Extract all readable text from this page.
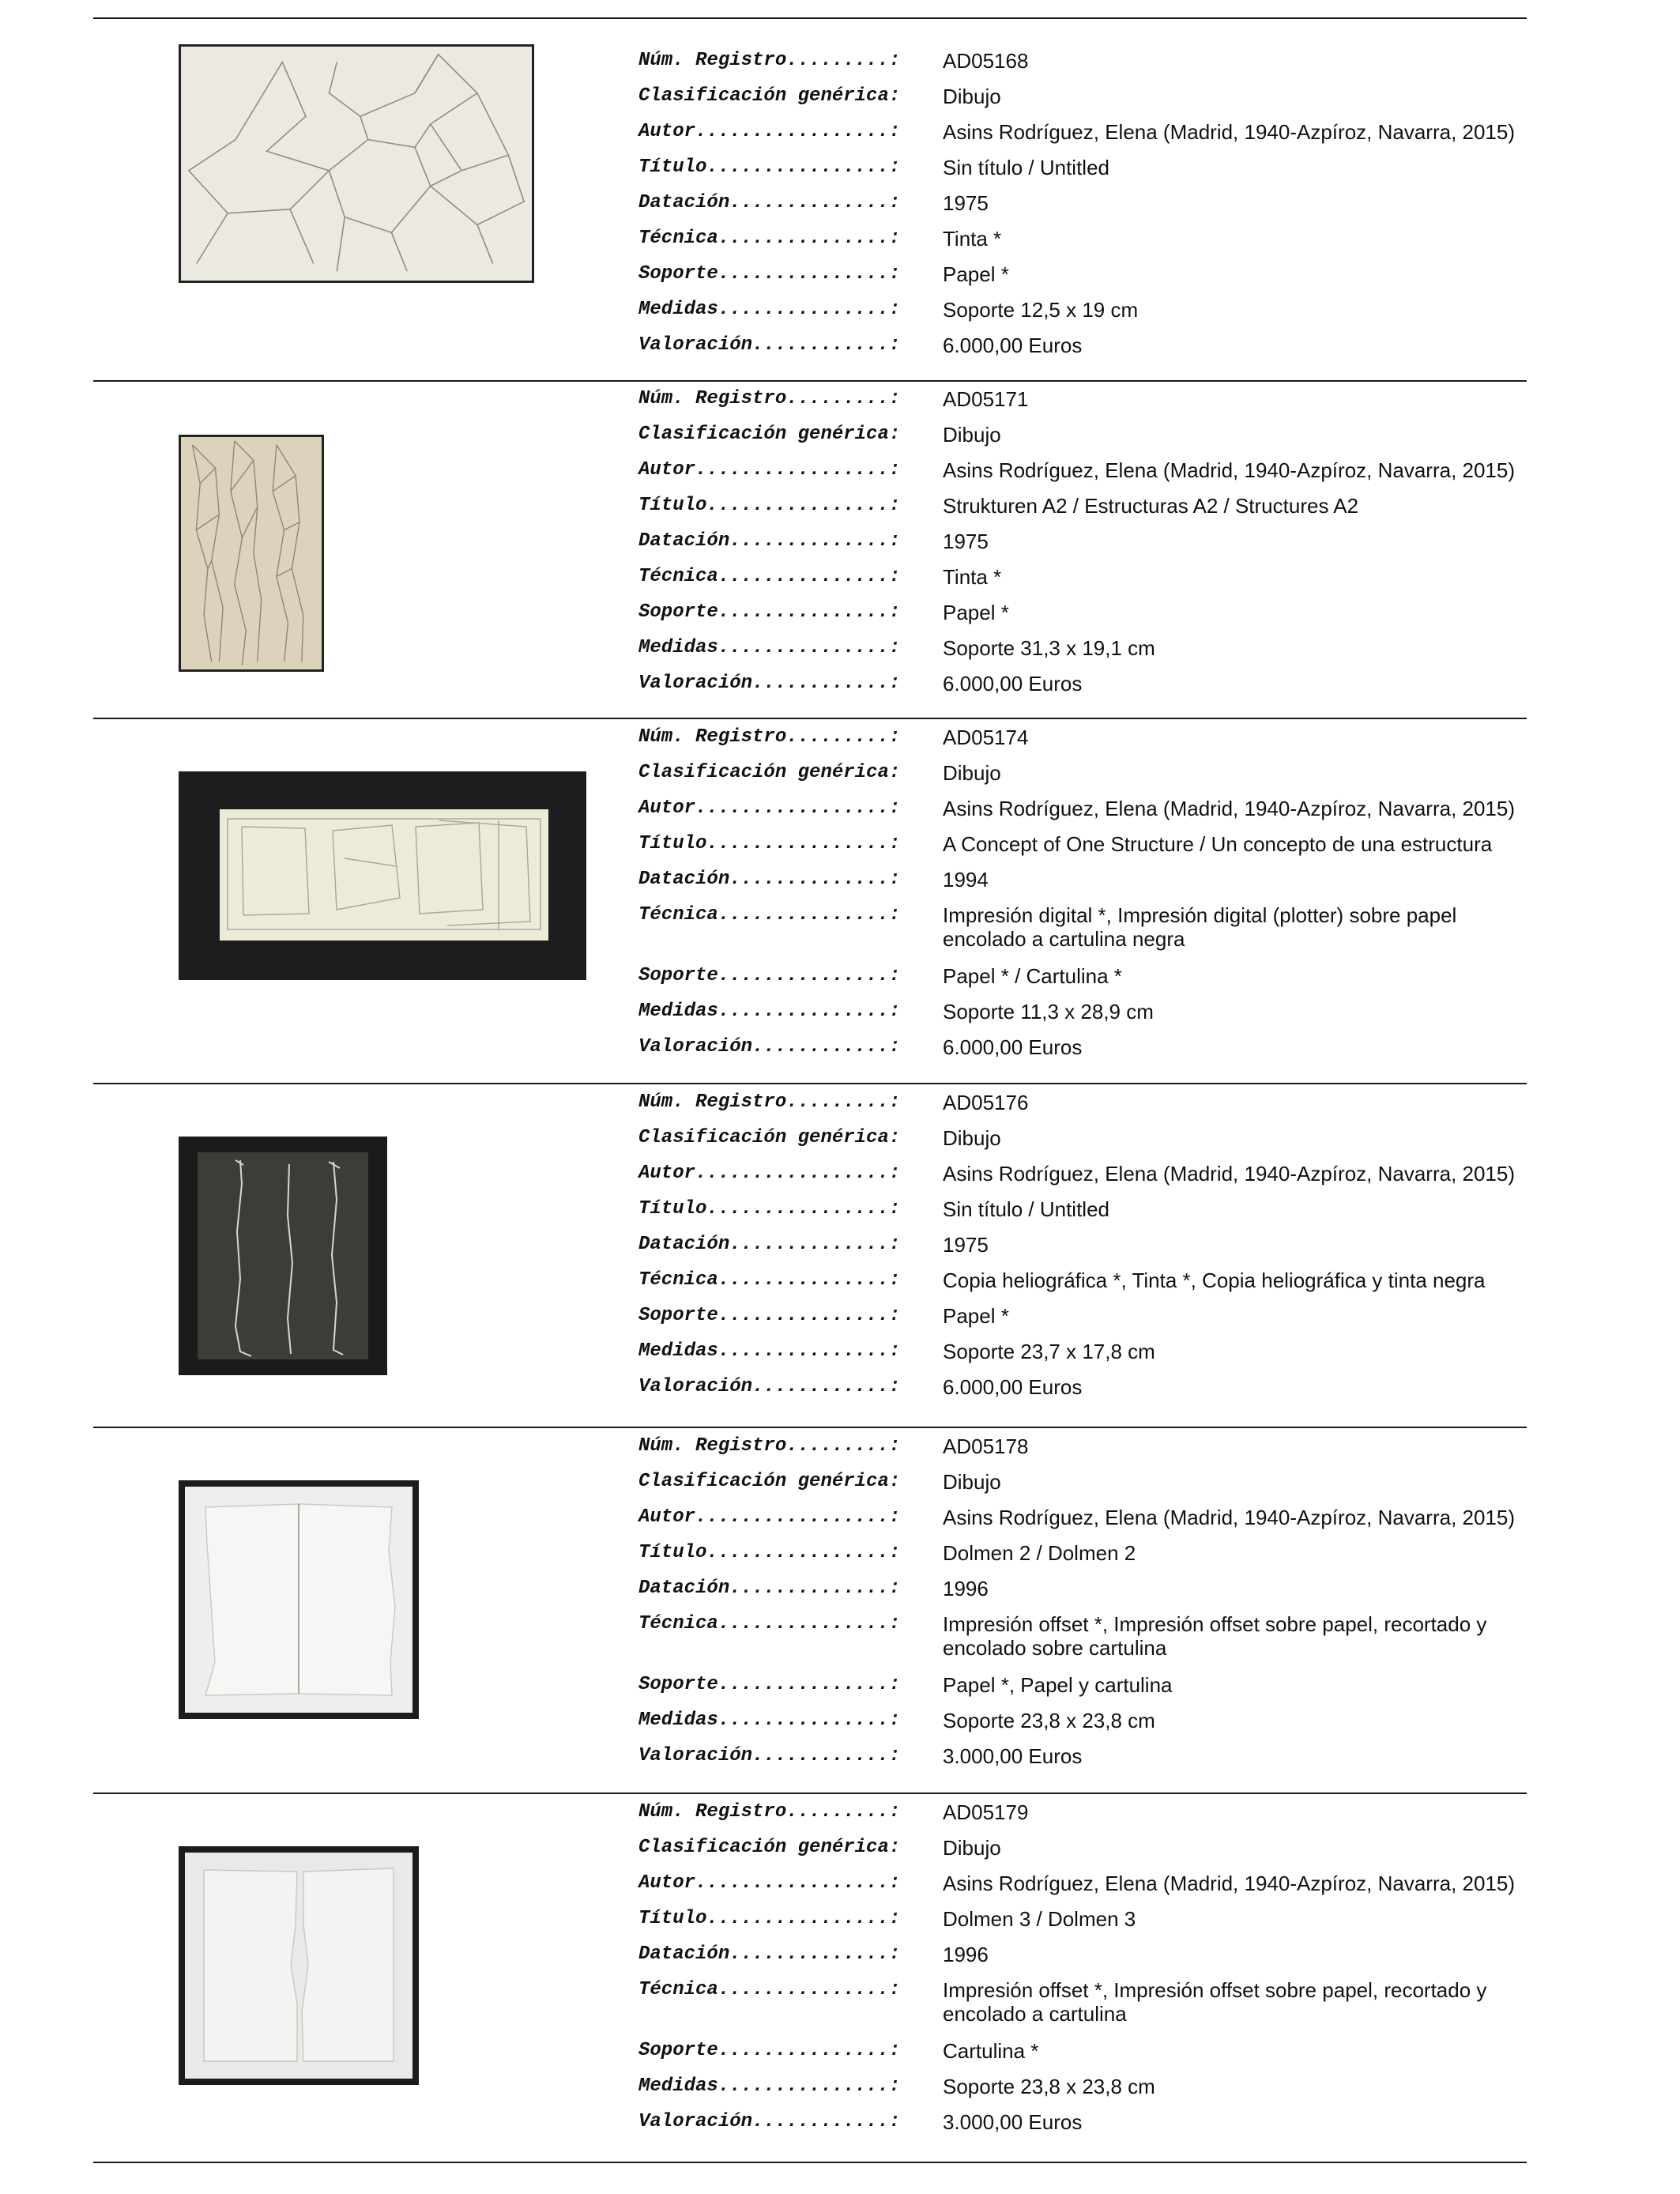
Núm. Registro.........:	AD05168
Clasificación genérica:	Dibujo
Autor.................:	Asins Rodríguez, Elena (Madrid, 1940-Azpíroz, Navarra, 2015)
Título................:	Sin título / Untitled
Datación..............:	1975
Técnica...............:	Tinta *
Soporte...............:	Papel *
Medidas...............:	Soporte 12,5 x 19 cm
Valoración............:	6.000,00 Euros
Núm. Registro.........:	AD05171
Clasificación genérica:	Dibujo
Autor.................:	Asins Rodríguez, Elena (Madrid, 1940-Azpíroz, Navarra, 2015)
Título................:	Strukturen A2 / Estructuras A2 / Structures A2
Datación..............:	1975
Técnica...............:	Tinta *
Soporte...............:	Papel *
Medidas...............:	Soporte 31,3 x 19,1 cm
Valoración............:	6.000,00 Euros
Núm. Registro.........:	AD05174
Clasificación genérica:	Dibujo
Autor.................:	Asins Rodríguez, Elena (Madrid, 1940-Azpíroz, Navarra, 2015)
Título................:	A Concept of One Structure / Un concepto de una estructura
Datación..............:	1994
Técnica...............:	Impresión digital *, Impresión digital (plotter) sobre papel encolado a cartulina negra
Soporte...............:	Papel * / Cartulina *
Medidas...............:	Soporte 11,3 x 28,9 cm
Valoración............:	6.000,00 Euros
Núm. Registro.........:	AD05176
Clasificación genérica:	Dibujo
Autor.................:	Asins Rodríguez, Elena (Madrid, 1940-Azpíroz, Navarra, 2015)
Título................:	Sin título / Untitled
Datación..............:	1975
Técnica...............:	Copia heliográfica *, Tinta *, Copia heliográfica y tinta negra
Soporte...............:	Papel *
Medidas...............:	Soporte 23,7 x 17,8 cm
Valoración............:	6.000,00 Euros
Núm. Registro.........:	AD05178
Clasificación genérica:	Dibujo
Autor.................:	Asins Rodríguez, Elena (Madrid, 1940-Azpíroz, Navarra, 2015)
Título................:	Dolmen 2 / Dolmen 2
Datación..............:	1996
Técnica...............:	Impresión offset *, Impresión offset sobre papel, recortado y encolado sobre cartulina
Soporte...............:	Papel *, Papel y cartulina
Medidas...............:	Soporte 23,8 x 23,8 cm
Valoración............:	3.000,00 Euros
Núm. Registro.........:	AD05179
Clasificación genérica:	Dibujo
Autor.................:	Asins Rodríguez, Elena (Madrid, 1940-Azpíroz, Navarra, 2015)
Título................:	Dolmen 3 / Dolmen 3
Datación..............:	1996
Técnica...............:	Impresión offset *, Impresión offset sobre papel, recortado y encolado a cartulina
Soporte...............:	Cartulina *
Medidas...............:	Soporte 23,8 x 23,8 cm
Valoración............:	3.000,00 Euros
